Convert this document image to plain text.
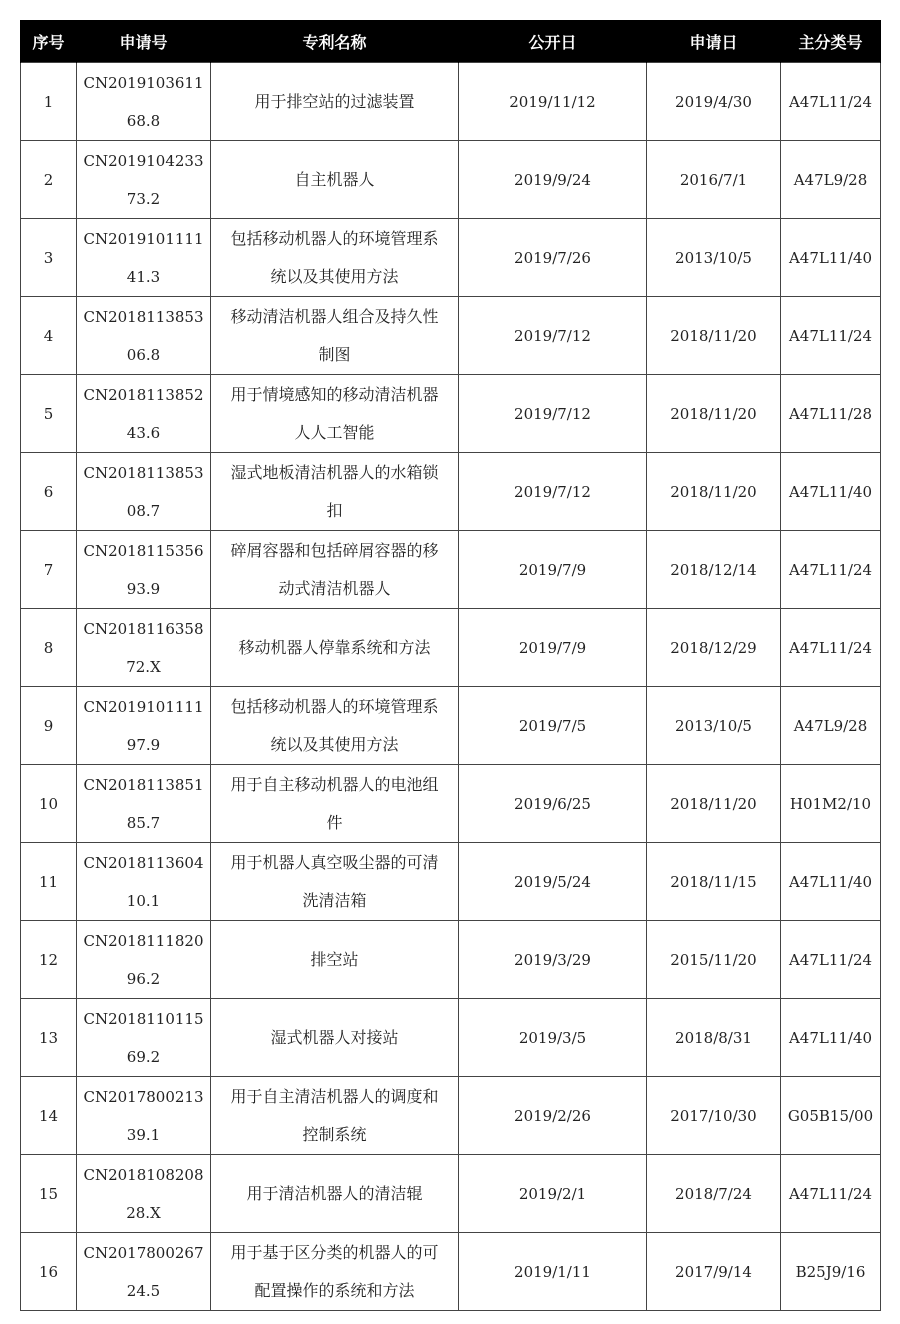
序号	申请号	专利名称	公开日	申请日	主分类号
1	CN201910361168.8	用于排空站的过滤装置	2019/11/12	2019/4/30	A47L11/24
2	CN201910423373.2	自主机器人	2019/9/24	2016/7/1	A47L9/28
3	CN201910111141.3	包括移动机器人的环境管理系统以及其使用方法	2019/7/26	2013/10/5	A47L11/40
4	CN201811385306.8	移动清洁机器人组合及持久性制图	2019/7/12	2018/11/20	A47L11/24
5	CN201811385243.6	用于情境感知的移动清洁机器人人工智能	2019/7/12	2018/11/20	A47L11/28
6	CN201811385308.7	湿式地板清洁机器人的水箱锁扣	2019/7/12	2018/11/20	A47L11/40
7	CN201811535693.9	碎屑容器和包括碎屑容器的移动式清洁机器人	2019/7/9	2018/12/14	A47L11/24
8	CN201811635872.X	移动机器人停靠系统和方法	2019/7/9	2018/12/29	A47L11/24
9	CN201910111197.9	包括移动机器人的环境管理系统以及其使用方法	2019/7/5	2013/10/5	A47L9/28
10	CN201811385185.7	用于自主移动机器人的电池组件	2019/6/25	2018/11/20	H01M2/10
11	CN201811360410.1	用于机器人真空吸尘器的可清洗清洁箱	2019/5/24	2018/11/15	A47L11/40
12	CN201811182096.2	排空站	2019/3/29	2015/11/20	A47L11/24
13	CN201811011569.2	湿式机器人对接站	2019/3/5	2018/8/31	A47L11/40
14	CN201780021339.1	用于自主清洁机器人的调度和控制系统	2019/2/26	2017/10/30	G05B15/00
15	CN201810820828.X	用于清洁机器人的清洁辊	2019/2/1	2018/7/24	A47L11/24
16	CN201780026724.5	用于基于区分类的机器人的可配置操作的系统和方法	2019/1/11	2017/9/14	B25J9/16
